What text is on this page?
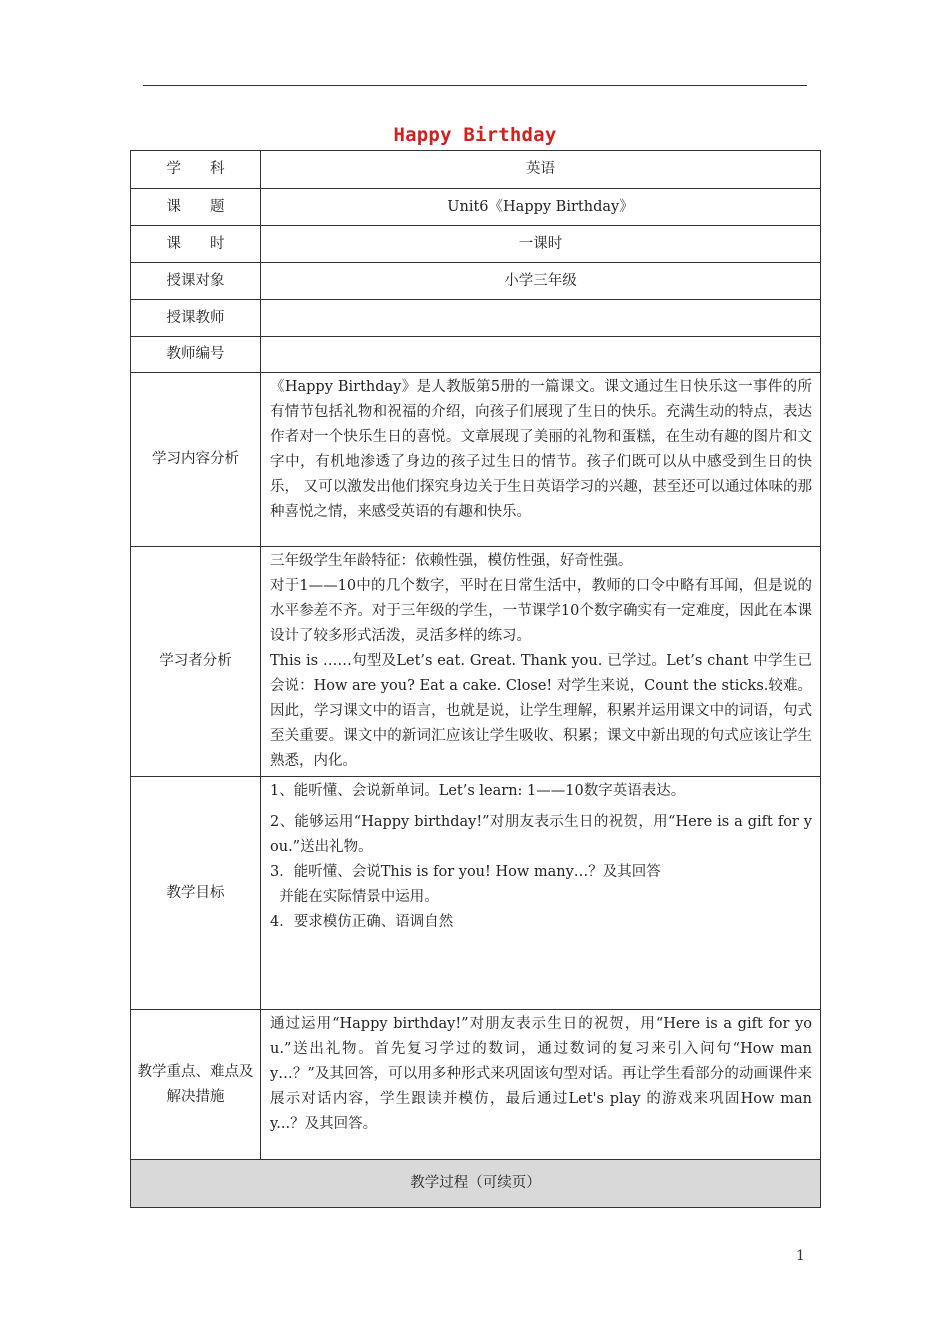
Happy Birthday
学　　科	英语
课　　题	Unit6《Happy Birthday》
课　　时	一课时
授课对象	小学三年级
授课教师	
教师编号	
学习内容分析	《Happy Birthday》是人教版第5册的一篇课文。课文通过生日快乐这一事件的所有情节包括礼物和祝福的介绍，向孩子们展现了生日的快乐。充满生动的特点，表达作者对一个快乐生日的喜悦。文章展现了美丽的礼物和蛋糕，在生动有趣的图片和文字中，有机地渗透了身边的孩子过生日的情节。孩子们既可以从中感受到生日的快乐， 又可以激发出他们探究身边关于生日英语学习的兴趣，甚至还可以通过体味的那种喜悦之情，来感受英语的有趣和快乐。

学习者分析	三年级学生年龄特征：依赖性强，模仿性强，好奇性强。

对于1——10中的几个数字，平时在日常生活中，教师的口令中略有耳闻，但是说的水平参差不齐。对于三年级的学生，一节课学10个数字确实有一定难度，因此在本课设计了较多形式活泼，灵活多样的练习。

This is ……句型及Let’s eat. Great. Thank you. 已学过。Let’s chant 中学生已会说：How are you? Eat a cake. Close! 对学生来说，Count the sticks.较难。因此，学习课文中的语言，也就是说，让学生理解，积累并运用课文中的词语，句式至关重要。课文中的新词汇应该让学生吸收、积累；课文中新出现的句式应该让学生熟悉，内化。

教学目标	1、能听懂、会说新单词。Let’s learn: 1——10数字英语表达。

2、能够运用“Happy birthday!”对朋友表示生日的祝贺，用“Here is a gift for you.”送出礼物。

3．能听懂、会说This is for you! How many…？及其回答

并能在实际情景中运用。

4．要求模仿正确、语调自然

教学重点、难点及解决措施	通过运用“Happy birthday!”对朋友表示生日的祝贺，用“Here is a gift for you.”送出礼物。首先复习学过的数词，通过数词的复习来引入问句“How many…？”及其回答，可以用多种形式来巩固该句型对话。再让学生看部分的动画课件来展示对话内容，学生跟读并模仿，最后通过Let's play 的游戏来巩固How many...？及其回答。

教学过程（可续页）	
1
